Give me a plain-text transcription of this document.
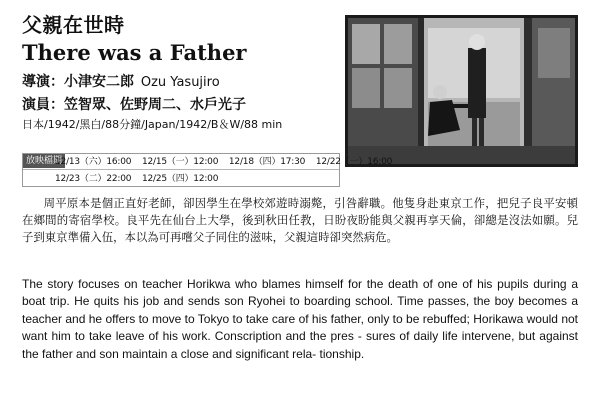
父親在世時
There was a Father
導演：小津安二郎 Ozu Yasujiro
演員：笠智眾、佐野周二、水戶光子
日本/1942/黑白/88分鐘/Japan/1942/B＆W/88 min
放映檔期
12/13（六）16:00 12/15（一）12:00 12/18（四）17:30 12/22（一）16:00
12/23（二）22:00 12/25（四）12:00

周平原本是個正直好老師，卻因學生在學校郊遊時溺斃，引咎辭職。他隻身赴東京工作，把兒子良平安頓在鄉間的寄宿學校。良平先在仙台上大學，後到秋田任教，日盼夜盼能與父親再享天倫，卻總是沒法如願。兒子到東京準備入伍，本以為可再嚐父子同住的滋味，父親這時卻突然病危。

The story focuses on teacher Horikwa who blames himself for the death of one of his pupils during a boat trip. He quits his job and sends son Ryohei to boarding school. Time passes, the boy becomes a teacher and he offers to move to Tokyo to take care of his father, only to be rebuffed; Horikawa would not want him to take leave of his work. Conscription and the pres - sures of daily life intervene, but against the father and son maintain a close and significant rela- tionship.
